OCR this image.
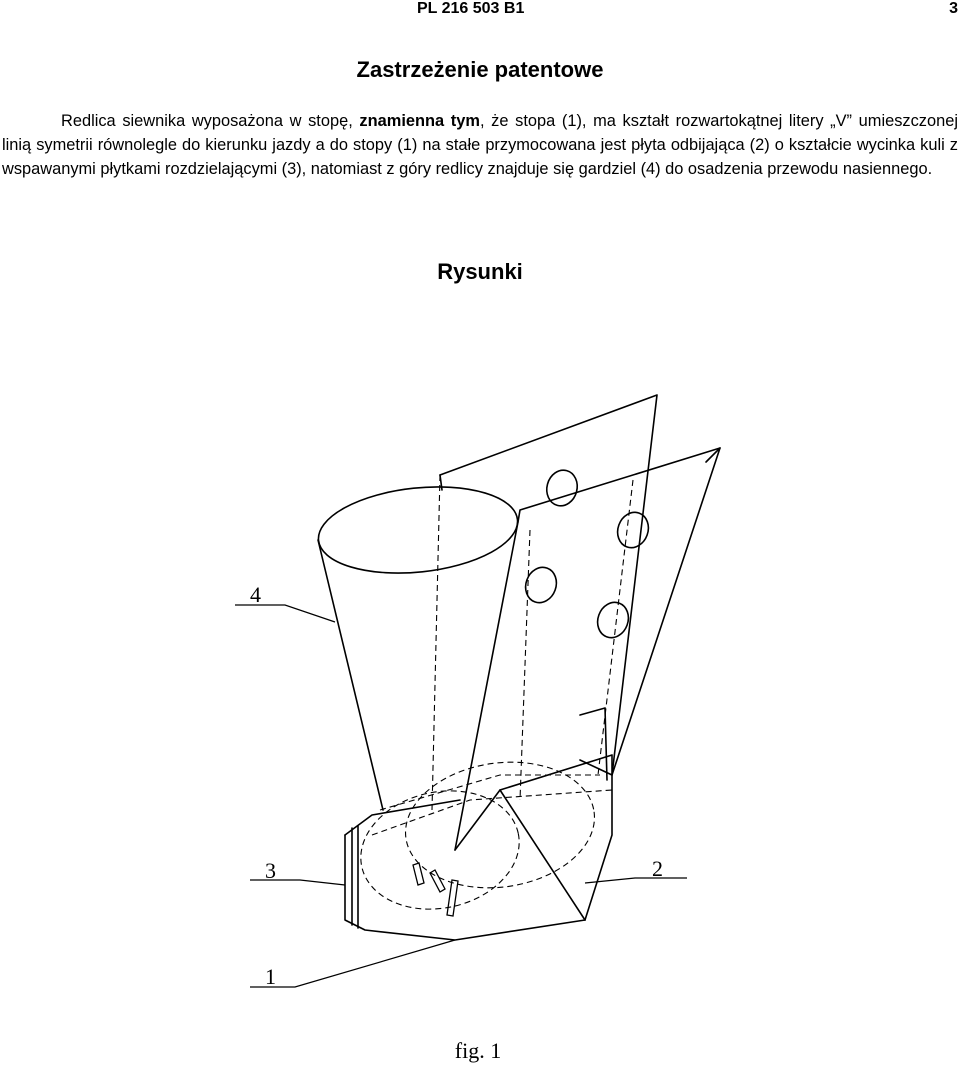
PL 216 503 B1	3
Zastrzeżenie patentowe

Redlica siewnika wyposażona w stopę, znamienna tym, że stopa (1), ma kształt rozwartokątnej litery „V” umieszczonej linią symetrii równolegle do kierunku jazdy a do stopy (1) na stałe przymocowana jest płyta odbijająca (2) o kształcie wycinka kuli z wspawanymi płytkami rozdzielającymi (3), natomiast z góry redlicy znajduje się gardziel (4) do osadzenia przewodu nasiennego.

Rysunki
4
3	2
1
fig. 1
